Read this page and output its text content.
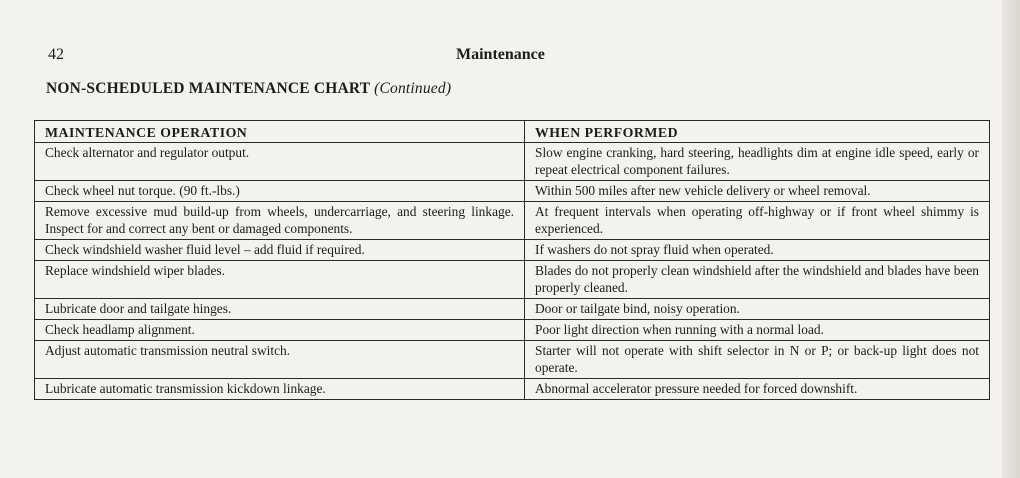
42	Maintenance
NON-SCHEDULED MAINTENANCE CHART (Continued)
MAINTENANCE OPERATION	WHEN PERFORMED
Check alternator and regulator output.	Slow engine cranking, hard steering, headlights dim at engine idle speed, early or repeat electrical component failures.
Check wheel nut torque. (90 ft.-lbs.)	Within 500 miles after new vehicle delivery or wheel removal.
Remove excessive mud build-up from wheels, undercarriage, and steering linkage. Inspect for and correct any bent or damaged components.	At frequent intervals when operating off-highway or if front wheel shimmy is experienced.
Check windshield washer fluid level – add fluid if required.	If washers do not spray fluid when operated.
Replace windshield wiper blades.	Blades do not properly clean windshield after the windshield and blades have been properly cleaned.
Lubricate door and tailgate hinges.	Door or tailgate bind, noisy operation.
Check headlamp alignment.	Poor light direction when running with a normal load.
Adjust automatic transmission neutral switch.	Starter will not operate with shift selector in N or P; or back-up light does not operate.
Lubricate automatic transmission kickdown linkage.	Abnormal accelerator pressure needed for forced downshift.
